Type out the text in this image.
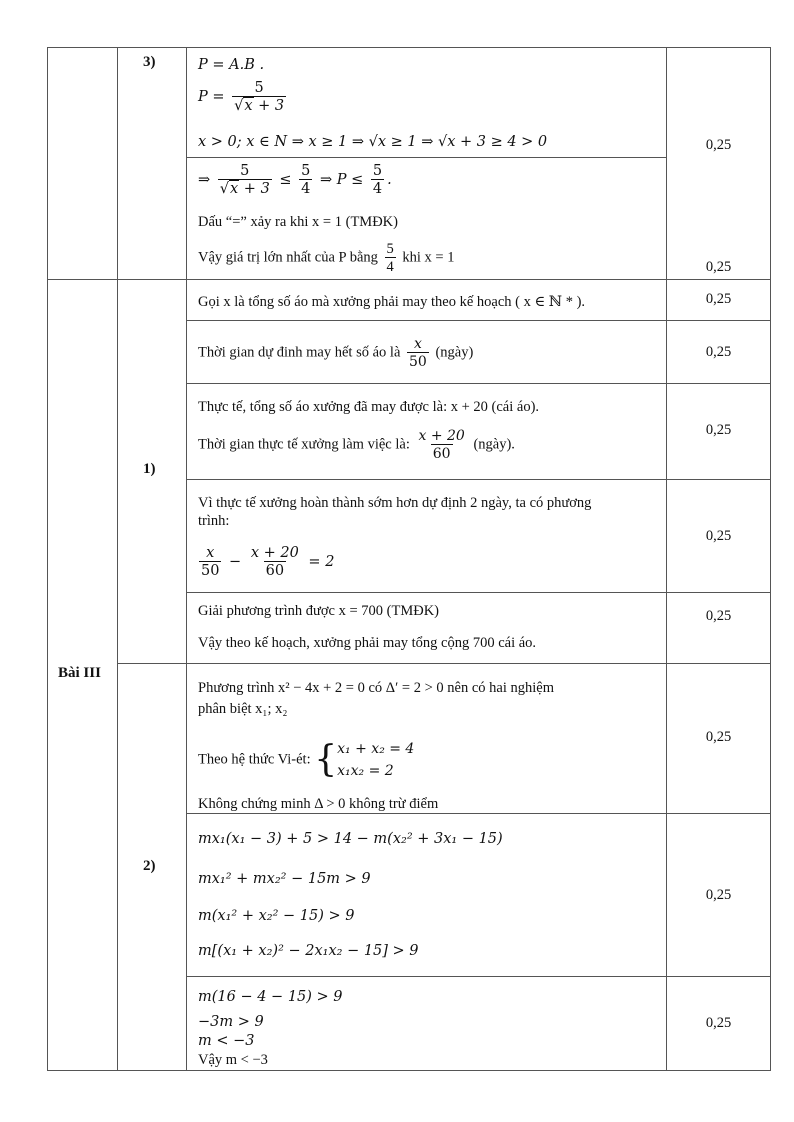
3)
1)
2)
Bài III
0,25
0,25
0,25
0,25
0,25
0,25
0,25
0,25
0,25
0,25
P = A.B .
$P = \frac{5}{√x + 3}$
x > 0; x ∈ N ⇒ x ≥ 1 ⇒ √x ≥ 1 ⇒ √x + 3 ≥ 4 > 0
⇒ $\frac{5}{√x + 3} \le \frac{5}{4}$ ⇒ $P \le \frac{5}{4}$ .
Dấu “=” xảy ra khi x = 1 (TMĐK)
Vậy giá trị lớn nhất của P bằng $\frac{5}{4}$ khi x = 1
Gọi x là tổng số áo mà xưởng phải may theo kế hoạch ( x ∈ ℕ * ).
Thời gian dự đinh may hết số áo là $\frac{x}{50}$ (ngày)
Thực tế, tổng số áo xưởng đã may được là: x + 20 (cái áo).
Thời gian thực tế xưởng làm việc là: $\frac{x + 20}{60}$ (ngày).
Vì thực tế xưởng hoàn thành sớm hơn dự định 2 ngày, ta có phương
trình:
$\frac{x}{50} - \frac{x + 20}{60} = 2$
Giải phương trình được x = 700 (TMĐK)
Vậy theo kế hoạch, xưởng phải may tổng cộng 700 cái áo.
Phương trình x² − 4x + 2 = 0 có Δ′ = 2 > 0 nên có hai nghiệm
phân biệt x₁; x₂
Theo hệ thức Vi-ét: { x₁ + x₂ = 4
x₁x₂ = 2
Không chứng minh Δ > 0 không trừ điểm
mx₁(x₁ − 3) + 5 > 14 − m(x₂² + 3x₁ − 15)
mx₁² + mx₂² − 15m > 9
m(x₁² + x₂² − 15) > 9
m[(x₁ + x₂)² − 2x₁x₂ − 15] > 9
m(16 − 4 − 15) > 9
−3m > 9
m < −3
Vậy m < −3
